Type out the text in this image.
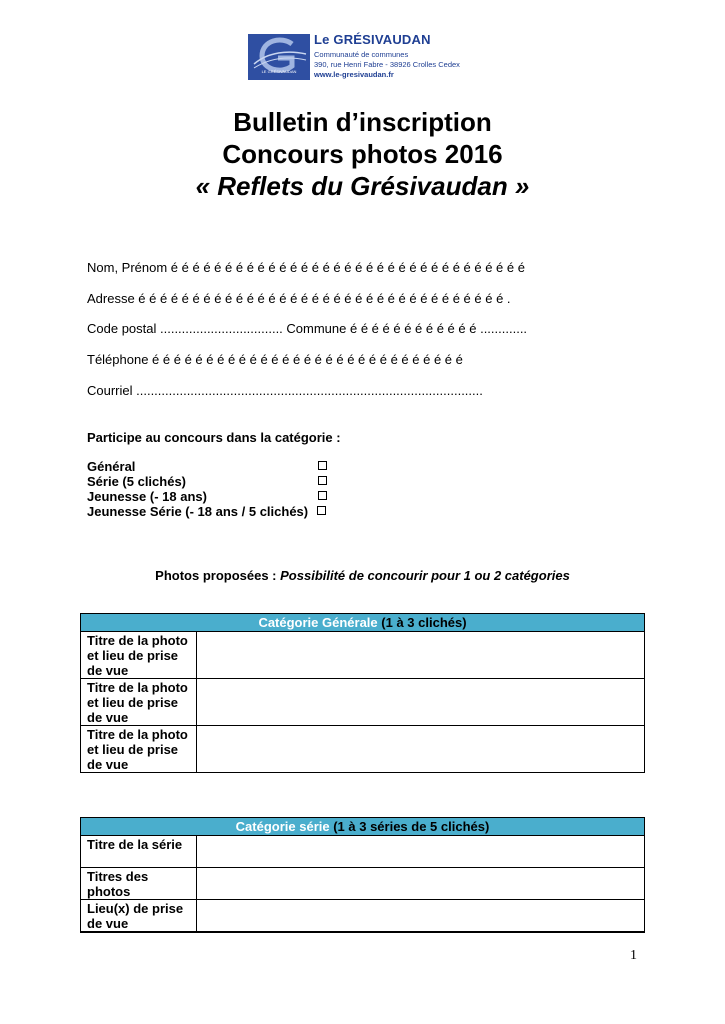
LE GRÉSIVAUDAN
Le GRÉSIVAUDAN
Communauté de communes
390, rue Henri Fabre - 38926 Crolles Cedex
www.le-gresivaudan.fr
Bulletin d’inscription
Concours photos 2016
« Reflets du Grésivaudan »
Nom, Prénom é é é é é é é é é é é é é é é é é é é é é é é é é é é é é é é é é
Adresse é é é é é é é é é é é é é é é é é é é é é é é é é é é é é é é é é é .
Code postal .................................. Commune é é é é é é é é é é é é .............
Téléphone é é é é é é é é é é é é é é é é é é é é é é é é é é é é é
Courriel ................................................................................................
Participe au concours dans la catégorie :
Général
Série (5 clichés)
Jeunesse (- 18 ans)
Jeunesse Série (- 18 ans / 5 clichés)
Photos proposées : Possibilité de concourir pour 1 ou 2 catégories
Catégorie Générale (1 à 3 clichés)	
Titre de la photo et lieu de prise de vue	
Titre de la photo et lieu de prise de vue	
Titre de la photo et lieu de prise de vue	
Catégorie série (1 à 3 séries de 5 clichés)	
Titre de la série	
Titres des photos	
Lieu(x) de prise de vue	
1
